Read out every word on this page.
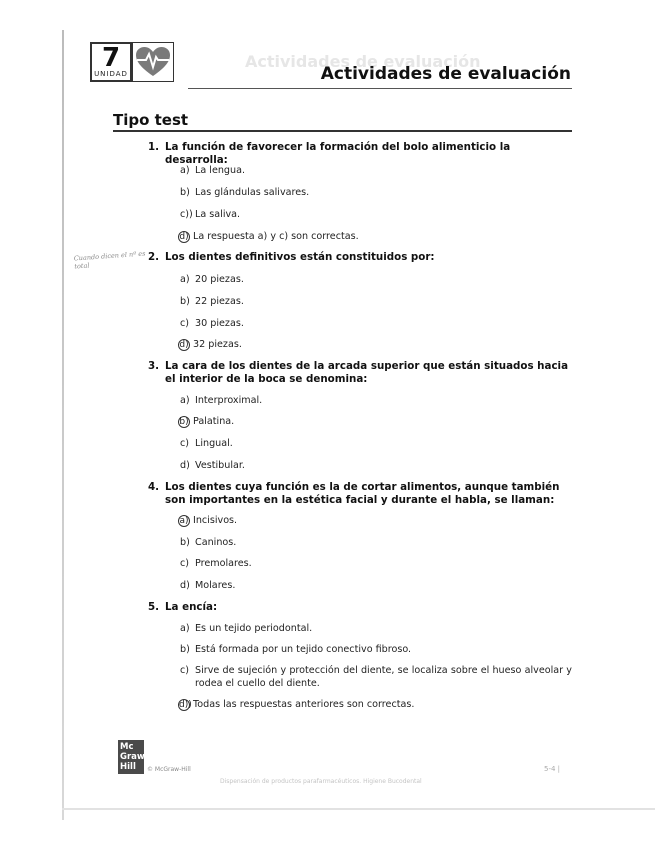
7
UNIDAD
Actividades de evaluación
Actividades de evaluación
Tipo test
Cuando dicen el nº es total
1. La función de favorecer la formación del bolo alimenticio la desarrolla:
a) La lengua.
b) Las glándulas salivares.
c)) La saliva.
d) La respuesta a) y c) son correctas.
2. Los dientes definitivos están constituidos por:
a) 20 piezas.
b) 22 piezas.
c) 30 piezas.
d) 32 piezas.
3. La cara de los dientes de la arcada superior que están situados hacia el interior de la boca se denomina:
a) Interproximal.
b) Palatina.
c) Lingual.
d) Vestibular.
4. Los dientes cuya función es la de cortar alimentos, aunque también son importantes en la estética facial y durante el habla, se llaman:
a) Incisivos.
b) Caninos.
c) Premolares.
d) Molares.
5. La encía:
a) Es un tejido periodontal.
b) Está formada por un tejido conectivo fibroso.
c) Sirve de sujeción y protección del diente, se localiza sobre el hueso alveolar y rodea el cuello del diente.
d))Todas las respuestas anteriores son correctas.
Mc
Graw
Hill	© McGraw-Hill
Dispensación de productos parafarmacéuticos. Higiene Bucodental
5-4 |
